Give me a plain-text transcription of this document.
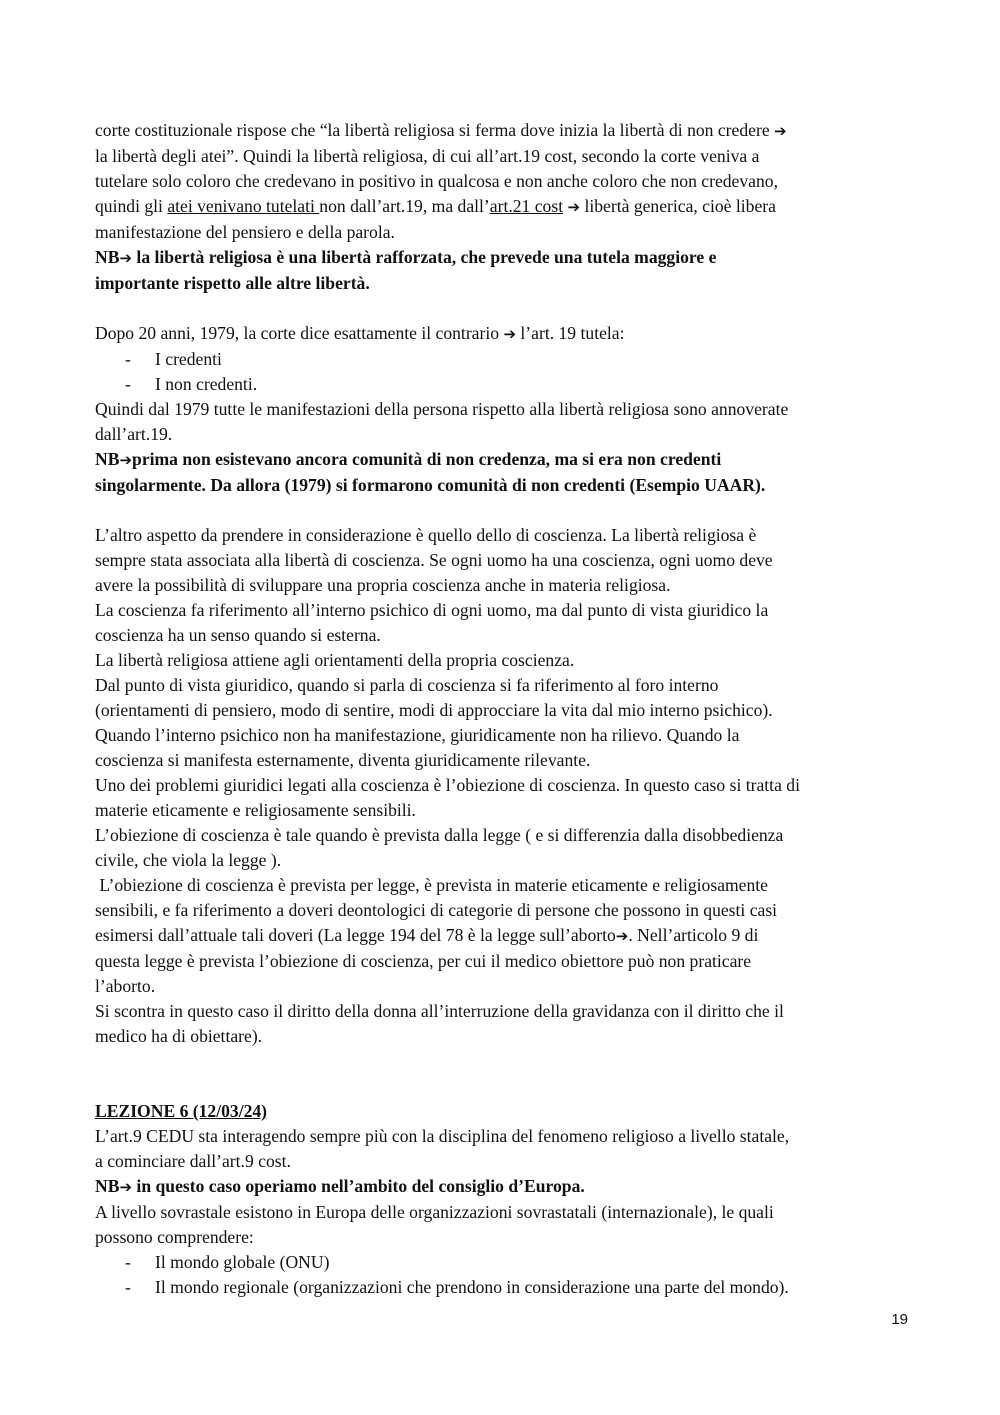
corte costituzionale rispose che “la libertà religiosa si ferma dove inizia la libertà di non credere ➔

la libertà degli atei”. Quindi la libertà religiosa, di cui all’art.19 cost, secondo la corte veniva a

tutelare solo coloro che credevano in positivo in qualcosa e non anche coloro che non credevano,

quindi gli atei venivano tutelati non dall’art.19, ma dall’art.21 cost ➔ libertà generica, cioè libera

manifestazione del pensiero e della parola.

NB➔ la libertà religiosa è una libertà rafforzata, che prevede una tutela maggiore e

importante rispetto alle altre libertà.

Dopo 20 anni, 1979, la corte dice esattamente il contrario ➔ l’art. 19 tutela:

- I credenti
- I non credenti.

Quindi dal 1979 tutte le manifestazioni della persona rispetto alla libertà religiosa sono annoverate

dall’art.19.

NB➔prima non esistevano ancora comunità di non credenza, ma si era non credenti

singolarmente. Da allora (1979) si formarono comunità di non credenti (Esempio UAAR).

L’altro aspetto da prendere in considerazione è quello dello di coscienza. La libertà religiosa è

sempre stata associata alla libertà di coscienza. Se ogni uomo ha una coscienza, ogni uomo deve

avere la possibilità di sviluppare una propria coscienza anche in materia religiosa.

La coscienza fa riferimento all’interno psichico di ogni uomo, ma dal punto di vista giuridico la

coscienza ha un senso quando si esterna.

La libertà religiosa attiene agli orientamenti della propria coscienza.

Dal punto di vista giuridico, quando si parla di coscienza si fa riferimento al foro interno

(orientamenti di pensiero, modo di sentire, modi di approcciare la vita dal mio interno psichico).

Quando l’interno psichico non ha manifestazione, giuridicamente non ha rilievo. Quando la

coscienza si manifesta esternamente, diventa giuridicamente rilevante.

Uno dei problemi giuridici legati alla coscienza è l’obiezione di coscienza. In questo caso si tratta di

materie eticamente e religiosamente sensibili.

L’obiezione di coscienza è tale quando è prevista dalla legge ( e si differenzia dalla disobbedienza

civile, che viola la legge ).

L’obiezione di coscienza è prevista per legge, è prevista in materie eticamente e religiosamente

sensibili, e fa riferimento a doveri deontologici di categorie di persone che possono in questi casi

esimersi dall’attuale tali doveri (La legge 194 del 78 è la legge sull’aborto➔. Nell’articolo 9 di

questa legge è prevista l’obiezione di coscienza, per cui il medico obiettore può non praticare

l’aborto.

Si scontra in questo caso il diritto della donna all’interruzione della gravidanza con il diritto che il

medico ha di obiettare).

LEZIONE 6 (12/03/24)

L’art.9 CEDU sta interagendo sempre più con la disciplina del fenomeno religioso a livello statale,

a cominciare dall’art.9 cost.

NB➔ in questo caso operiamo nell’ambito del consiglio d’Europa.

A livello sovrastale esistono in Europa delle organizzazioni sovrastatali (internazionale), le quali

possono comprendere:

- Il mondo globale (ONU)
- Il mondo regionale (organizzazioni che prendono in considerazione una parte del mondo).
19
